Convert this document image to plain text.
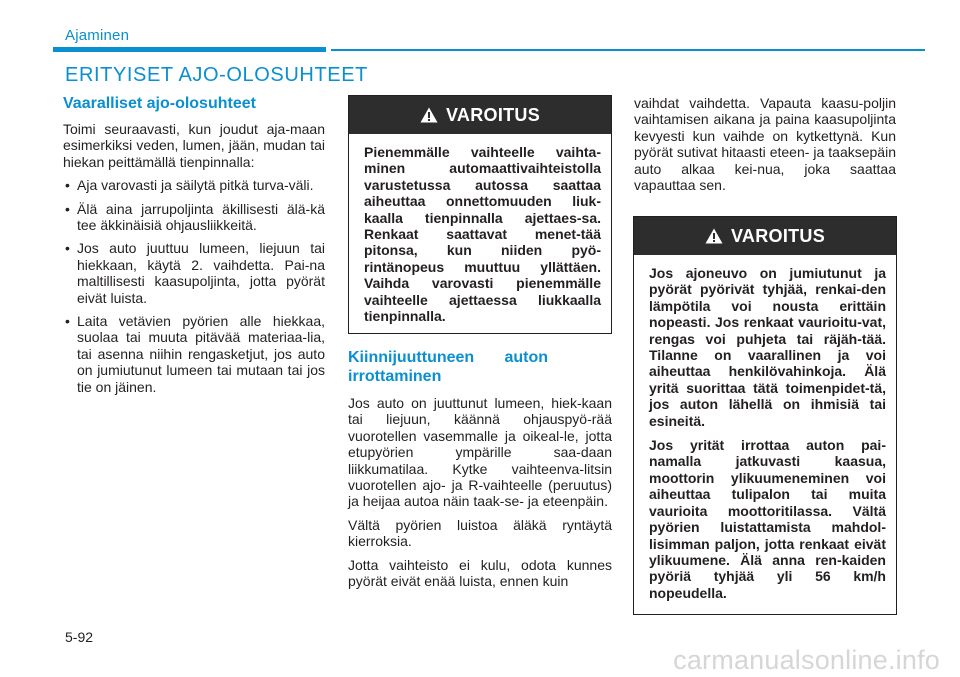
Ajaminen
ERITYISET AJO-OLOSUHTEET
Vaaralliset ajo-olosuhteet

Toimi seuraavasti, kun joudut aja-maan esimerkiksi veden, lumen, jään, mudan tai hiekan peittämällä tienpinnalla:

• Aja varovasti ja säilytä pitkä turva-väli.
• Älä aina jarrupoljinta äkillisesti älä-kä tee äkkinäisiä ohjausliikkeitä.
• Jos auto juuttuu lumeen, liejuun tai hiekkaan, käytä 2. vaihdetta. Pai-na maltillisesti kaasupoljinta, jotta pyörät eivät luista.
• Laita vetävien pyörien alle hiekkaa, suolaa tai muuta pitävää materiaa-lia, tai asenna niihin rengasketjut, jos auto on jumiutunut lumeen tai mutaan tai jos tie on jäinen.
VAROITUS

Pienemmälle vaihteelle vaihta-minen automaattivaihteistolla varustetussa autossa saattaa aiheuttaa onnettomuuden liuk-kaalla tienpinnalla ajettaes-sa. Renkaat saattavat menet-tää pitonsa, kun niiden pyö-rintänopeus muuttuu yllättäen. Vaihda varovasti pienemmälle vaihteelle ajettaessa liukkaalla tienpinnalla.

Kiinnijuuttuneen auton irrottaminen

Jos auto on juuttunut lumeen, hiek-kaan tai liejuun, käännä ohjauspyö-rää vuorotellen vasemmalle ja oikeal-le, jotta etupyörien ympärille saa-daan liikkumatilaa. Kytke vaihteenva-litsin vuorotellen ajo- ja R-vaihteelle (peruutus) ja heijaa autoa näin taak-se- ja eteenpäin.

Vältä pyörien luistoa äläkä ryntäytä kierroksia.

Jotta vaihteisto ei kulu, odota kunnes pyörät eivät enää luista, ennen kuin

vaihdat vaihdetta. Vapauta kaasu-poljin vaihtamisen aikana ja paina kaasupoljinta kevyesti kun vaihde on kytkettynä. Kun pyörät sutivat hitaasti eteen- ja taaksepäin auto alkaa kei-nua, joka saattaa vapauttaa sen.

VAROITUS

Jos ajoneuvo on jumiutunut ja pyörät pyörivät tyhjää, renkai-den lämpötila voi nousta erittäin nopeasti. Jos renkaat vaurioitu-vat, rengas voi puhjeta tai räjäh-tää. Tilanne on vaarallinen ja voi aiheuttaa henkilövahinkoja. Älä yritä suorittaa tätä toimenpidet-tä, jos auton lähellä on ihmisiä tai esineitä.

Jos yrität irrottaa auton pai-namalla jatkuvasti kaasua, moottorin ylikuumeneminen voi aiheuttaa tulipalon tai muita vaurioita moottoritilassa. Vältä pyörien luistattamista mahdol-lisimman paljon, jotta renkaat eivät ylikuumene. Älä anna ren-kaiden pyöriä tyhjää yli 56 km/h nopeudella.

5-92
carmanualsonline.info
